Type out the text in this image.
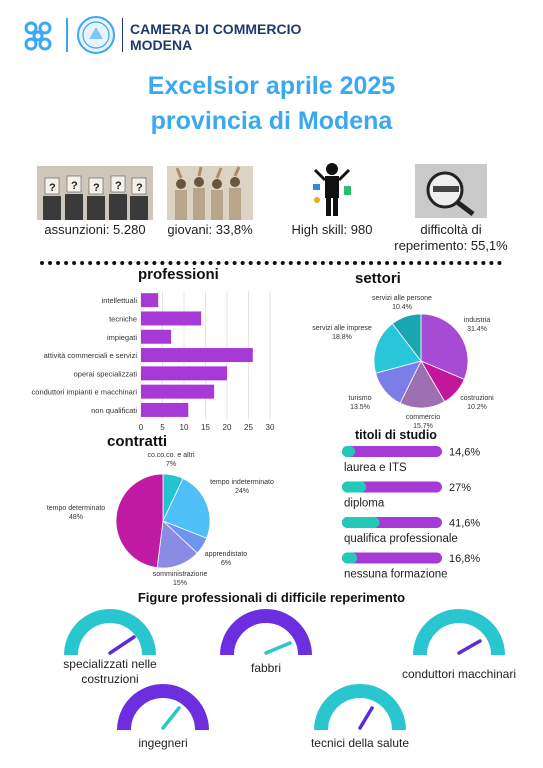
CAMERA DI COMMERCIO
MODENA
Excelsior aprile 2025
provincia di Modena
? ? ? ? ?
assunzioni: 5.280	giovani: 33,8%	High skill: 980	difficoltà di
reperimento: 55,1%
professioni
0 5 10 15 20 25 30
intellettuali
tecniche
impiegati
attività commerciali e servizi
operai specializzati
conduttori impianti e macchinari
non qualificati
settori
industria
31.4%
costruzioni
10.2%
commercio
15.7%
turismo
13.5%
servizi alle imprese
18.8%
servizi alle persone
10.4%
contratti
co.co.co. e altri
7%
tempo indeterminato
24%
apprendistato
6%
somministrazione
15%
tempo determinato
48%
titoli di studio
14,6%
laurea e ITS
27%
diploma
41,6%
qualifica professionale
16,8%
nessuna formazione
Figure professionali di difficile reperimento
specializzati nelle
costruzioni
fabbri	conduttori macchinari
ingegneri	tecnici della salute
